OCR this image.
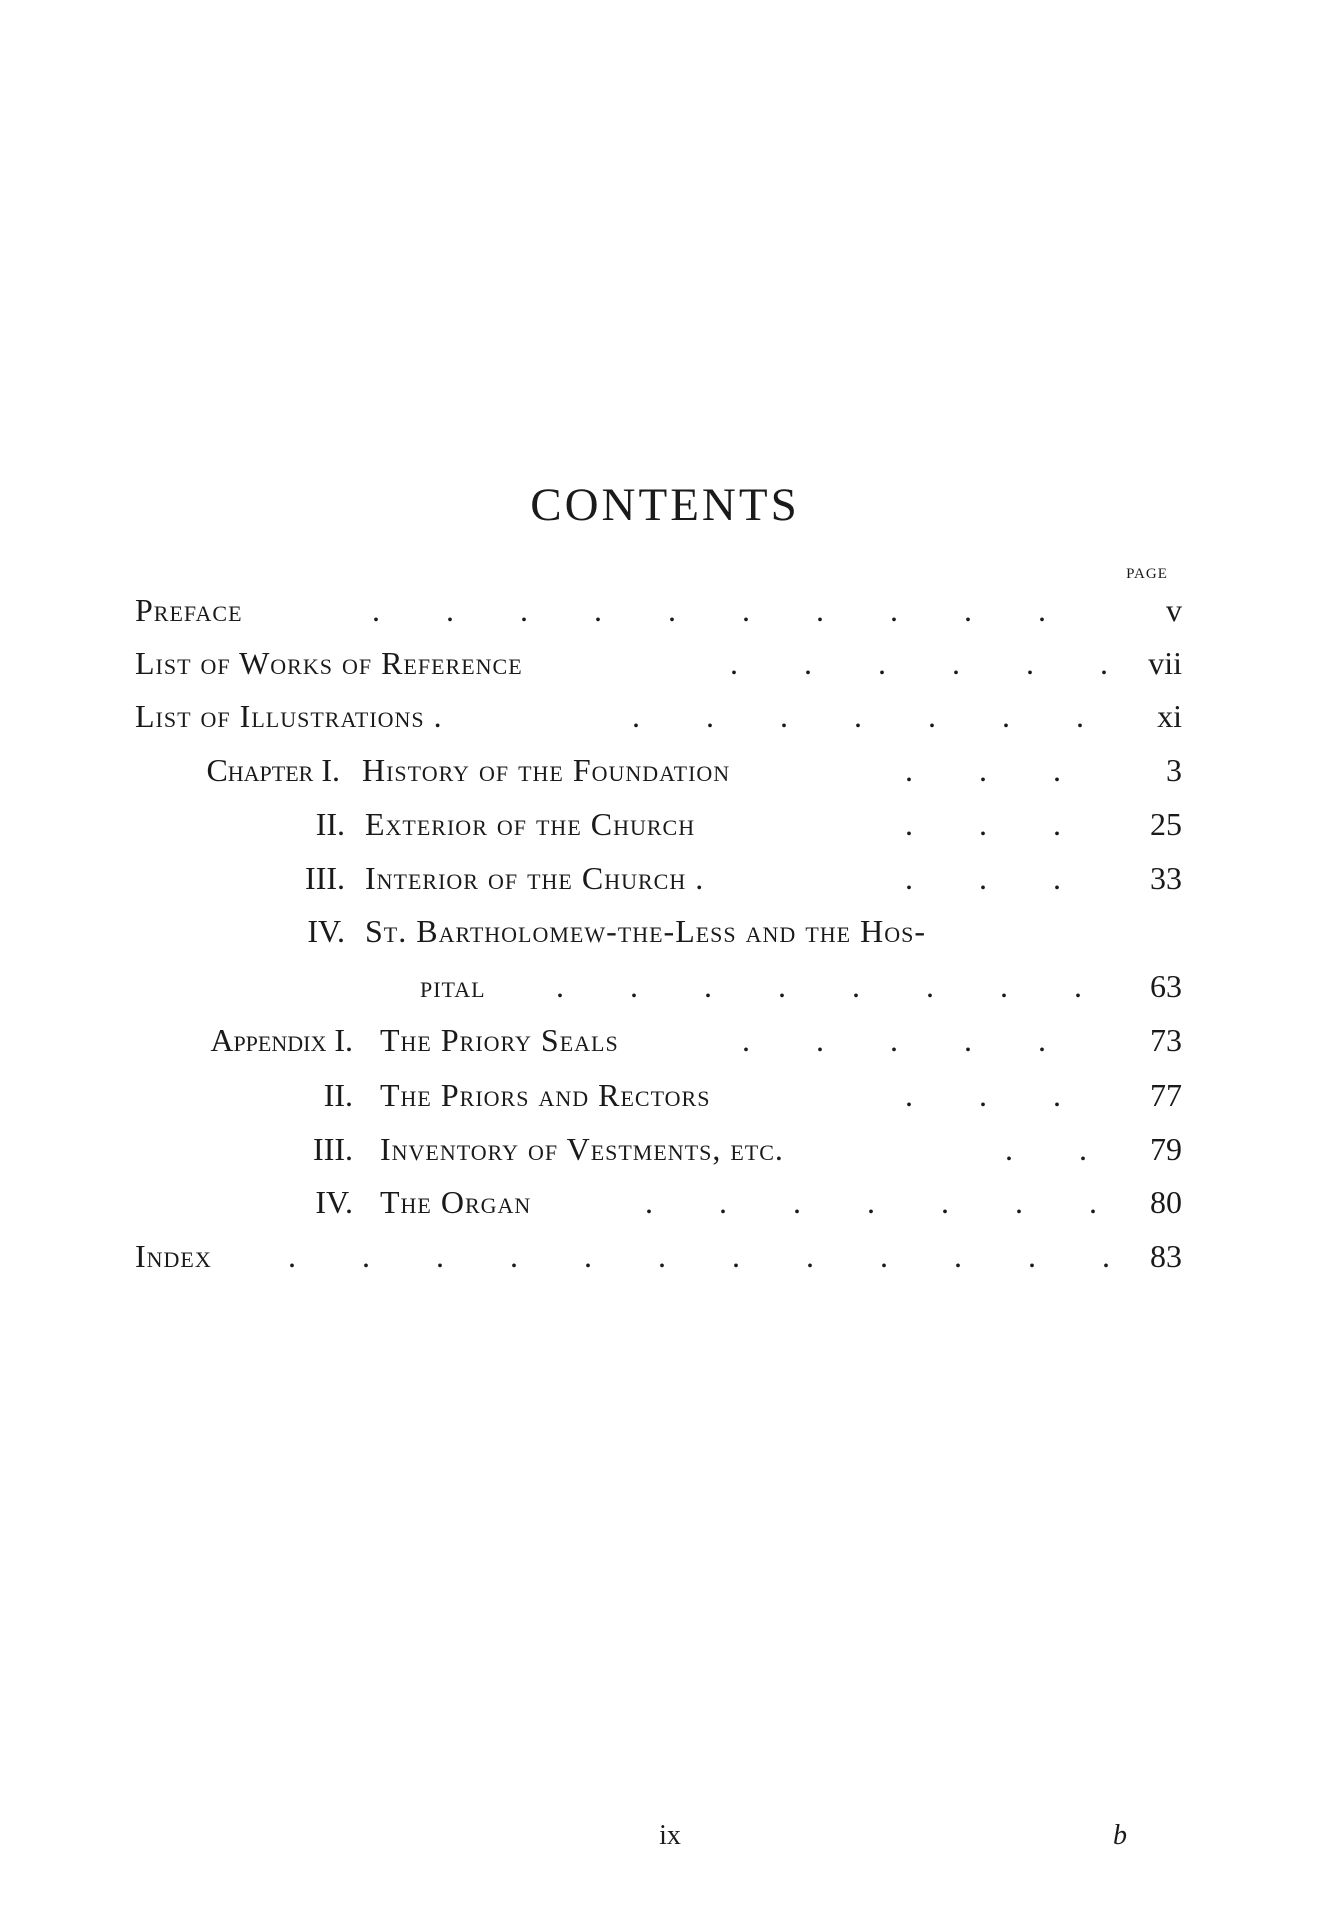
CONTENTS
PAGE
Preface . . .	v
List of Works of Reference . . .	vii
List of Illustrations . . . .	xi
Chapter I. History of the Foundation . . .	3
II. Exterior of the Church . . .	25
III. Interior of the Church . . . .	33
IV. St. Bartholomew-the-Less and the Hos-
pital . . .	63
Appendix I. The Priory Seals . . .	73
II. The Priors and Rectors . . .	77
III. Inventory of Vestments, etc. . . .	79
IV. The Organ . . .	80
Index . . .	83
ix	b
